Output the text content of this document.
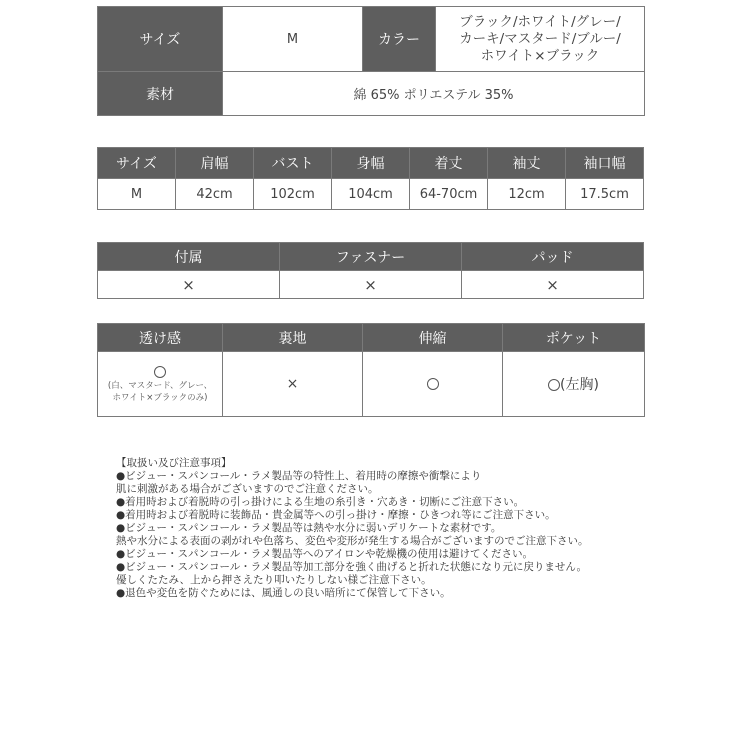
サイズ	M	カラー	ブラック/ホワイト/グレー/
カーキ/マスタード/ブルー/
ホワイト×ブラック

素材	綿 65% ポリエステル 35%		
サイズ	肩幅	バスト	身幅	着丈	袖丈	袖口幅
M	42cm	102cm	104cm	64-70cm	12cm	17.5cm
付属	ファスナー	パッド
×	×	×
透け感	裏地	伸縮	ポケット

(白、マスタード、グレー、
ホワイト×ブラックのみ)	×		(左胸)
【取扱い及び注意事項】
●ビジュー・スパンコール・ラメ製品等の特性上、着用時の摩擦や衝撃により
肌に刺激がある場合がございますのでご注意ください。
●着用時および着脱時の引っ掛けによる生地の糸引き・穴あき・切断にご注意下さい。
●着用時および着脱時に装飾品・貴金属等への引っ掛け・摩擦・ひきつれ等にご注意下さい。
●ビジュー・スパンコール・ラメ製品等は熱や水分に弱いデリケートな素材です。
熱や水分による表面の剥がれや色落ち、変色や変形が発生する場合がございますのでご注意下さい。
●ビジュー・スパンコール・ラメ製品等へのアイロンや乾燥機の使用は避けてください。
●ビジュー・スパンコール・ラメ製品等加工部分を強く曲げると折れた状態になり元に戻りません。
優しくたたみ、上から押さえたり叩いたりしない様ご注意下さい。
●退色や変色を防ぐためには、風通しの良い暗所にて保管して下さい。
